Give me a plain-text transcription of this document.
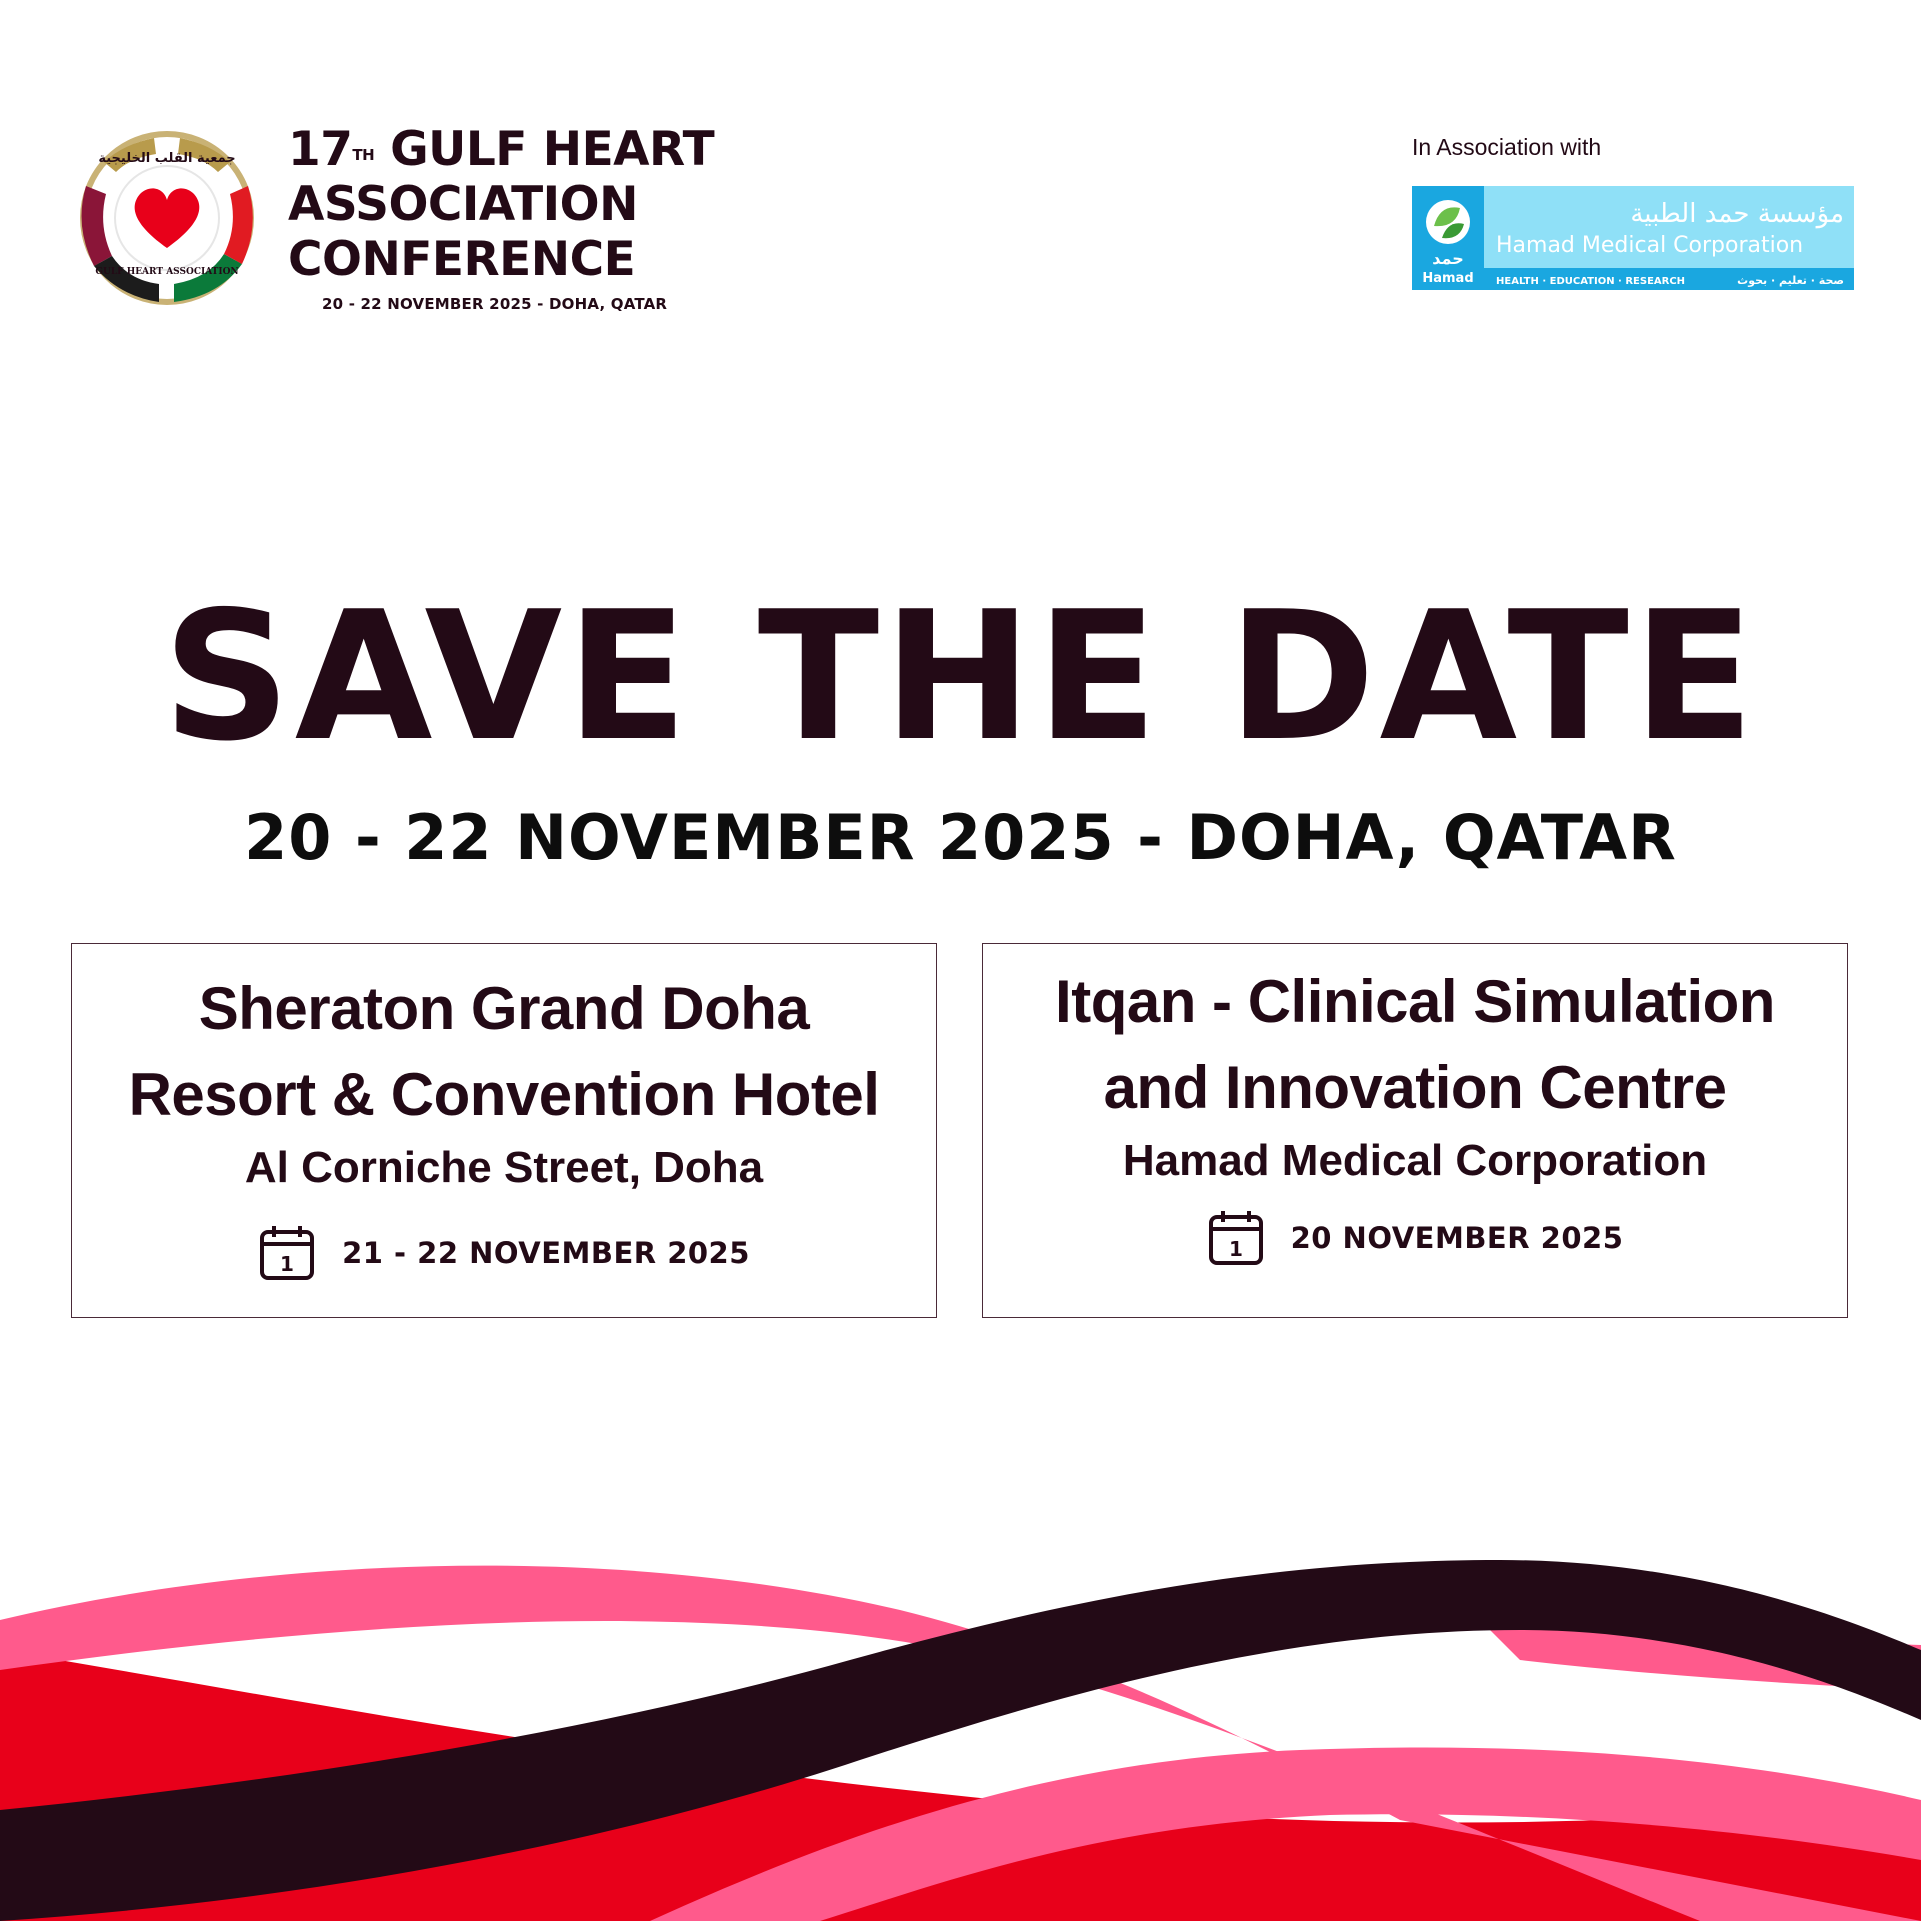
جمعية القلب الخليجية
GULF HEART ASSOCIATION
17TH GULF HEART
ASSOCIATION
CONFERENCE
20 - 22 NOVEMBER 2025 - DOHA, QATAR
In Association with
حمد
Hamad
مؤسسة حمد الطبية
Hamad Medical Corporation
HEALTH · EDUCATION · RESEARCH	صحة · تعليم · بحوث
SAVE THE DATE
20 - 22 NOVEMBER 2025 - DOHA, QATAR
Sheraton Grand Doha
Resort & Convention Hotel
Al Corniche Street, Doha
1 21 - 22 NOVEMBER 2025
Itqan - Clinical Simulation
and Innovation Centre
Hamad Medical Corporation
1 20 NOVEMBER 2025
